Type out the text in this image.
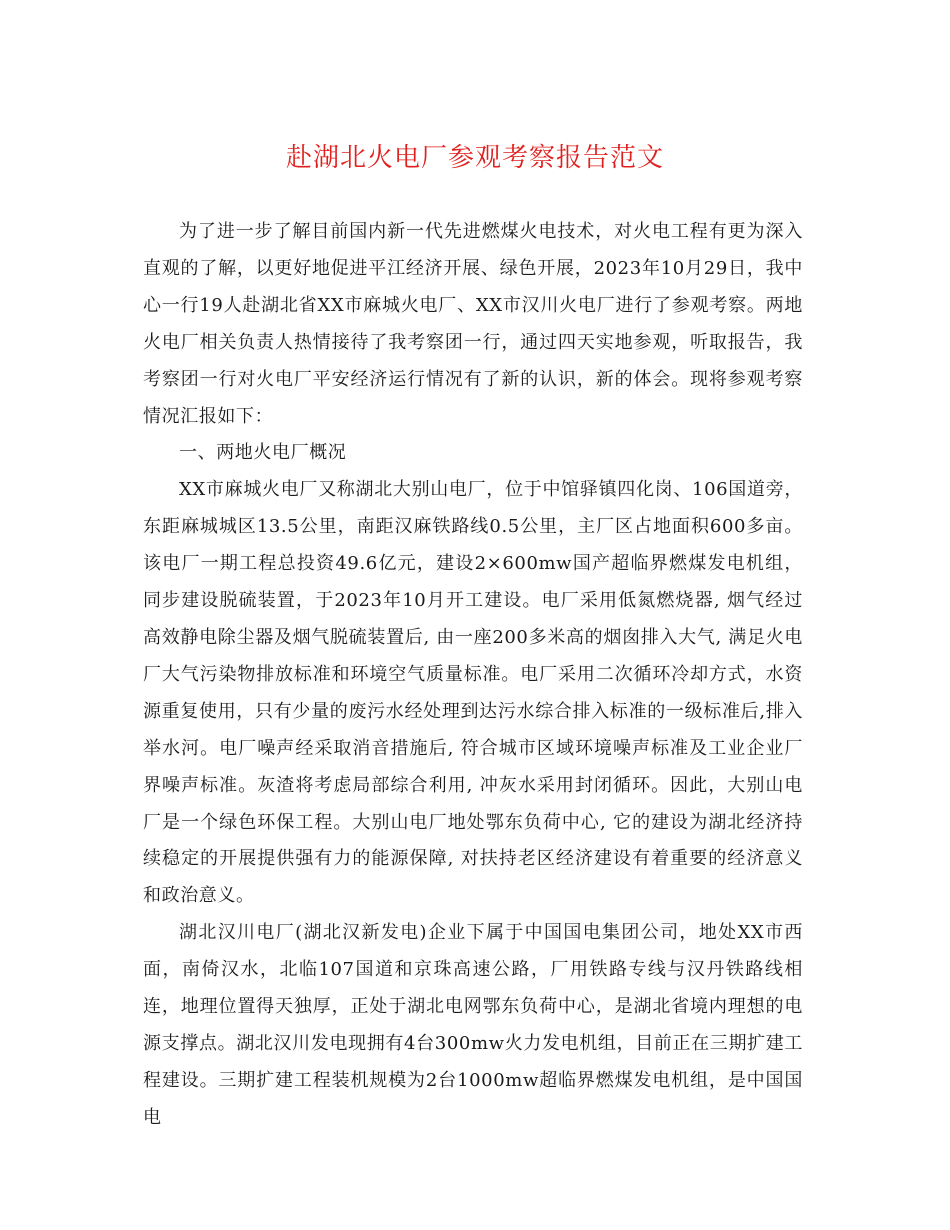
赴湖北火电厂参观考察报告范文

为了进一步了解目前国内新一代先进燃煤火电技术，对火电工程有更为深入直观的了解，以更好地促进平江经济开展、绿色开展，2023年10月29日，我中心一行19人赴湖北省XX市麻城火电厂、XX市汉川火电厂进行了参观考察。两地火电厂相关负责人热情接待了我考察团一行，通过四天实地参观，听取报告，我考察团一行对火电厂平安经济运行情况有了新的认识，新的体会。现将参观考察情况汇报如下：

一、两地火电厂概况

XX市麻城火电厂又称湖北大别山电厂，位于中馆驿镇四化岗、106国道旁，东距麻城城区13.5公里，南距汉麻铁路线0.5公里，主厂区占地面积600多亩。该电厂一期工程总投资49.6亿元，建设2×600mw国产超临界燃煤发电机组，同步建设脱硫装置，于2023年10月开工建设。电厂采用低氮燃烧器, 烟气经过高效静电除尘器及烟气脱硫装置后, 由一座200多米高的烟囱排入大气, 满足火电厂大气污染物排放标准和环境空气质量标准。电厂采用二次循环冷却方式，水资源重复使用，只有少量的废污水经处理到达污水综合排入标准的一级标准后,排入举水河。电厂噪声经采取消音措施后, 符合城市区域环境噪声标准及工业企业厂界噪声标准。灰渣将考虑局部综合利用, 冲灰水采用封闭循环。因此，大别山电厂是一个绿色环保工程。大别山电厂地处鄂东负荷中心, 它的建设为湖北经济持续稳定的开展提供强有力的能源保障, 对扶持老区经济建设有着重要的经济意义和政治意义。

湖北汉川电厂(湖北汉新发电)企业下属于中国国电集团公司，地处XX市西面，南倚汉水，北临107国道和京珠高速公路，厂用铁路专线与汉丹铁路线相连，地理位置得天独厚，正处于湖北电网鄂东负荷中心，是湖北省境内理想的电源支撑点。湖北汉川发电现拥有4台300mw火力发电机组，目前正在三期扩建工程建设。三期扩建工程装机规模为2台1000mw超临界燃煤发电机组，是中国国电
